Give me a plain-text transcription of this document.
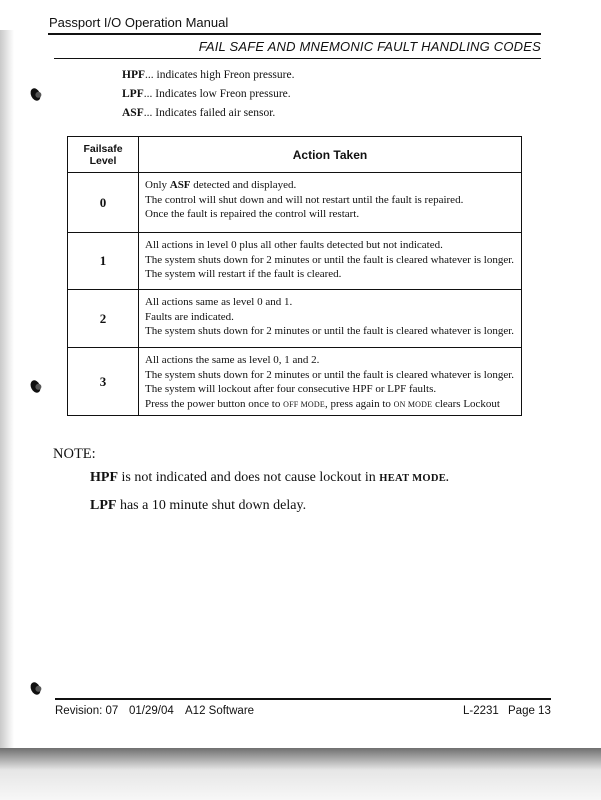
Passport I/O Operation Manual
FAIL SAFE AND MNEMONIC FAULT HANDLING CODES
HPF... indicates high Freon pressure.
LPF... Indicates low Freon pressure.
ASF... Indicates failed air sensor.
Failsafe
Level	Action Taken
0	Only ASF detected and displayed.
The control will shut down and will not restart until the fault is repaired.
Once the fault is repaired the control will restart.

1	All actions in level 0 plus all other faults detected but not indicated.
The system shuts down for 2 minutes or until the fault is cleared whatever is longer.
The system will restart if the fault is cleared.

2	All actions same as level 0 and 1.
Faults are indicated.
The system shuts down for 2 minutes or until the fault is cleared whatever is longer.

3	All actions the same as level 0, 1 and 2.
The system shuts down for 2 minutes or until the fault is cleared whatever is longer.
The system will lockout after four consecutive HPF or LPF faults.
Press the power button once to OFF MODE, press again to ON MODE clears Lockout
NOTE:
HPF is not indicated and does not cause lockout in HEAT MODE.
LPF has a 10 minute shut down delay.
Revision: 07 01/29/04 A12 Software	L-2231 Page 13
